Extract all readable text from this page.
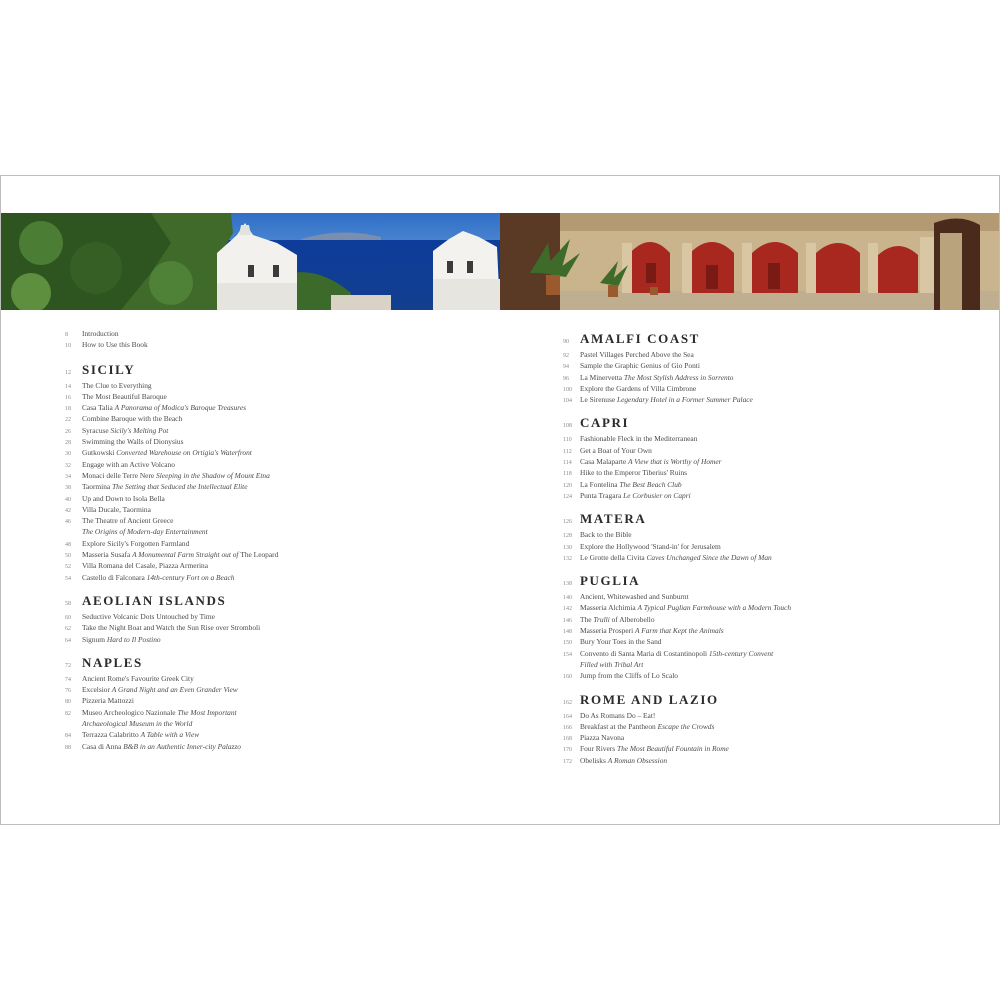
8	Introduction
10	How to Use this Book
12 SICILY
14	The Clue to Everything
16	The Most Beautiful Baroque
18	Casa Talia A Panorama of Modica's Baroque Treasures
22	Combine Baroque with the Beach
26	Syracuse Sicily's Melting Pot
28	Swimming the Walls of Dionysius
30	Gutkowski Converted Warehouse on Ortigia's Waterfront
32	Engage with an Active Volcano
34	Monaci delle Terre Nere Sleeping in the Shadow of Mount Etna
38	Taormina The Setting that Seduced the Intellectual Elite
40	Up and Down to Isola Bella
42	Villa Ducale, Taormina
46	The Theatre of Ancient Greece
The Origins of Modern-day Entertainment
48	Explore Sicily's Forgotten Farmland
50	Masseria Susafa A Monumental Farm Straight out of The Leopard
52	Villa Romana del Casale, Piazza Armerina
54	Castello di Falconara 14th-century Fort on a Beach
58 AEOLIAN ISLANDS
60	Seductive Volcanic Dots Untouched by Time
62	Take the Night Boat and Watch the Sun Rise over Stromboli
64	Signum Hard to Il Postino
72 NAPLES
74	Ancient Rome's Favourite Greek City
76	Excelsior A Grand Night and an Even Grander View
80	Pizzeria Mattozzi
82	Museo Archeologico Nazionale The Most Important
Archaeological Museum in the World
84	Terrazza Calabritto A Table with a View
88	Casa di Anna B&B in an Authentic Inner-city Palazzo
90 AMALFI COAST
92	Pastel Villages Perched Above the Sea
94	Sample the Graphic Genius of Gio Ponti
96	La Minervetta The Most Stylish Address in Sorrento
100	Explore the Gardens of Villa Cimbrone
104	Le Sirenuse Legendary Hotel in a Former Summer Palace
108 CAPRI
110	Fashionable Fleck in the Mediterranean
112	Get a Boat of Your Own
114	Casa Malaparte A View that is Worthy of Homer
118	Hike to the Emperor Tiberius' Ruins
120	La Fontelina The Best Beach Club
124	Punta Tragara Le Corbusier on Capri
126 MATERA
128	Back to the Bible
130	Explore the Hollywood 'Stand-in' for Jerusalem
132	Le Grotte della Civita Caves Unchanged Since the Dawn of Man
138 PUGLIA
140	Ancient, Whitewashed and Sunburnt
142	Masseria Alchimia A Typical Puglian Farmhouse with a Modern Touch
146	The Trulli of Alberobello
148	Masseria Prosperi A Farm that Kept the Animals
150	Bury Your Toes in the Sand
154	Convento di Santa Maria di Costantinopoli 15th-century Convent
Filled with Tribal Art
160	Jump from the Cliffs of Lo Scalo
162 ROME AND LAZIO
164	Do As Romans Do – Eat!
166	Breakfast at the Pantheon Escape the Crowds
168	Piazza Navona
170	Four Rivers The Most Beautiful Fountain in Rome
172	Obelisks A Roman Obsession
